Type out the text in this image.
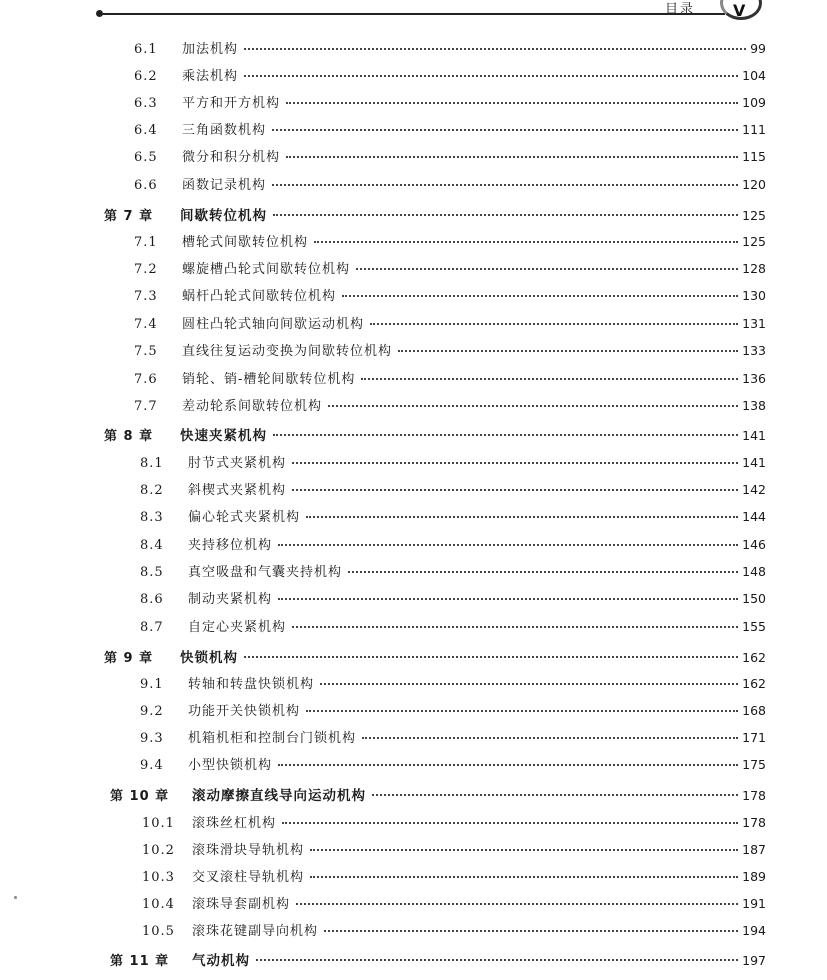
目录 V
6.1	加法机构	99
6.2	乘法机构	104
6.3	平方和开方机构	109
6.4	三角函数机构	111
6.5	微分和积分机构	115
6.6	函数记录机构	120
第 7 章	间歇转位机构	125
7.1	槽轮式间歇转位机构	125
7.2	螺旋槽凸轮式间歇转位机构	128
7.3	蜗杆凸轮式间歇转位机构	130
7.4	圆柱凸轮式轴向间歇运动机构	131
7.5	直线往复运动变换为间歇转位机构	133
7.6	销轮、销-槽轮间歇转位机构	136
7.7	差动轮系间歇转位机构	138
第 8 章	快速夹紧机构	141
8.1	肘节式夹紧机构	141
8.2	斜楔式夹紧机构	142
8.3	偏心轮式夹紧机构	144
8.4	夹持移位机构	146
8.5	真空吸盘和气囊夹持机构	148
8.6	制动夹紧机构	150
8.7	自定心夹紧机构	155
第 9 章	快锁机构	162
9.1	转轴和转盘快锁机构	162
9.2	功能开关快锁机构	168
9.3	机箱机柜和控制台门锁机构	171
9.4	小型快锁机构	175
第 10 章	滚动摩擦直线导向运动机构	178
10.1	滚珠丝杠机构	178
10.2	滚珠滑块导轨机构	187
10.3	交叉滚柱导轨机构	189
10.4	滚珠导套副机构	191
10.5	滚珠花键副导向机构	194
第 11 章	气动机构	197
